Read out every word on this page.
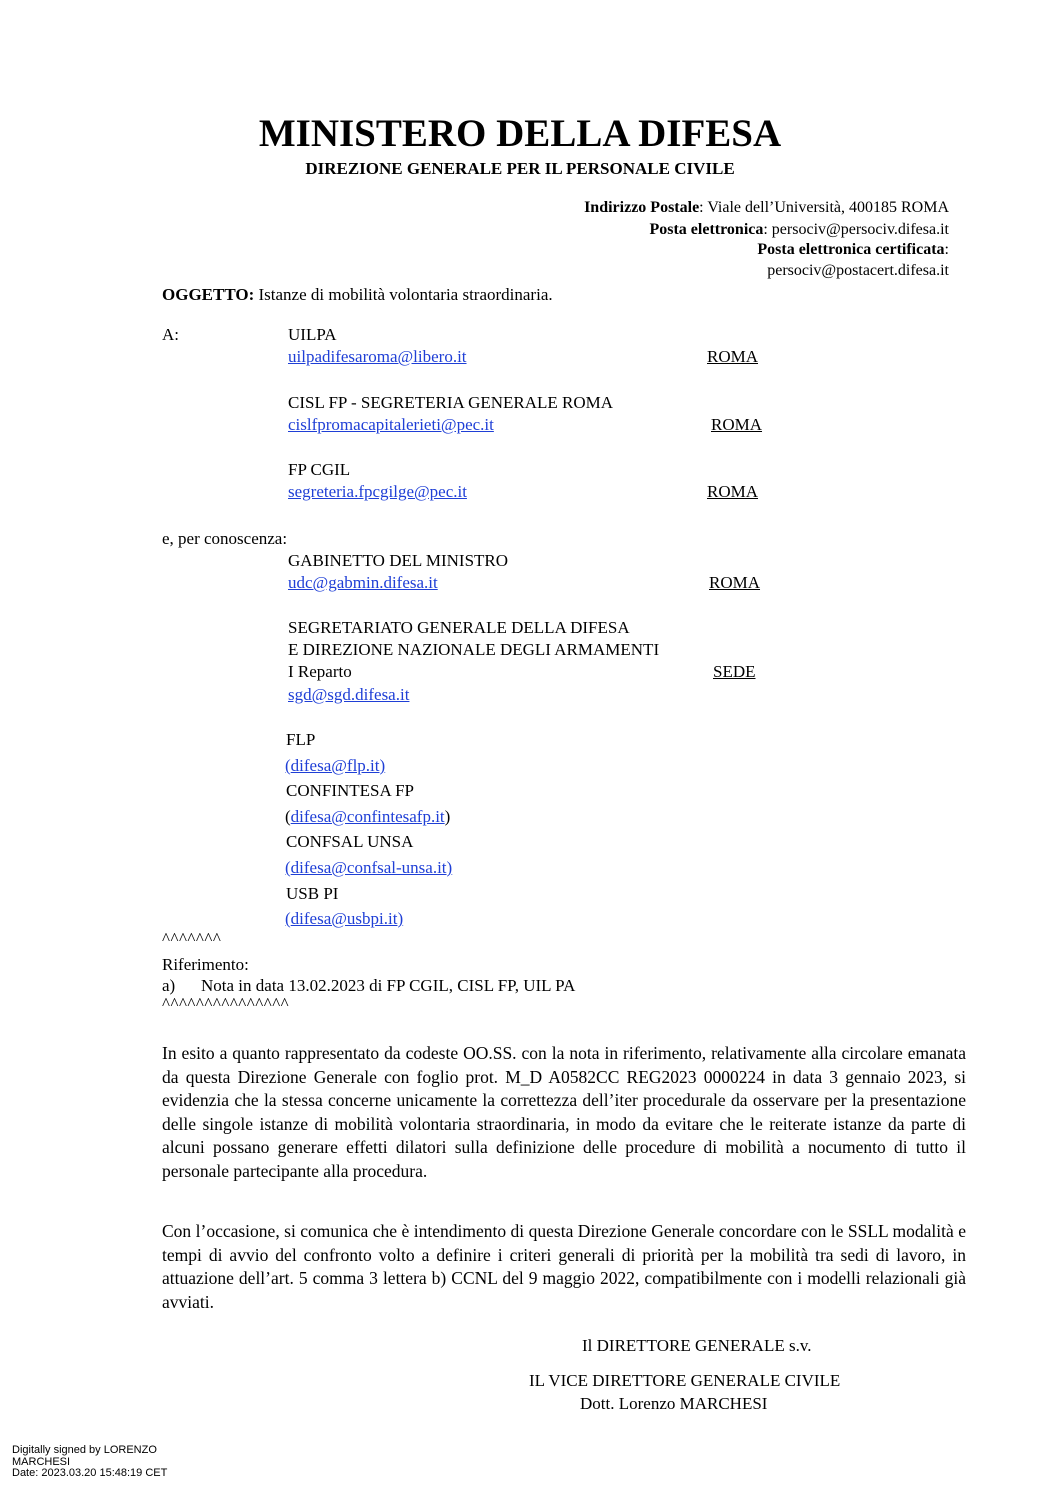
MINISTERO DELLA DIFESA
DIREZIONE GENERALE PER IL PERSONALE CIVILE
Indirizzo Postale: Viale dell’Università, 400185 ROMA
Posta elettronica: persociv@persociv.difesa.it
Posta elettronica certificata:
persociv@postacert.difesa.it
OGGETTO: Istanze di mobilità volontaria straordinaria.
A:	UILPA
uilpadifesaroma@libero.it	ROMA
CISL FP - SEGRETERIA GENERALE ROMA
cislfpromacapitalerieti@pec.it	ROMA
FP CGIL
segreteria.fpcgilge@pec.it	ROMA
e, per conoscenza:
GABINETTO DEL MINISTRO
udc@gabmin.difesa.it	ROMA
SEGRETARIATO GENERALE DELLA DIFESA
E DIREZIONE NAZIONALE DEGLI ARMAMENTI
I Reparto	SEDE
sgd@sgd.difesa.it
FLP
(difesa@flp.it)
CONFINTESA FP
(difesa@confintesafp.it)
CONFSAL UNSA
(difesa@confsal-unsa.it)
USB PI
(difesa@usbpi.it)
^^^^^^^
Riferimento:
a) Nota in data 13.02.2023 di FP CGIL, CISL FP, UIL PA
^^^^^^^^^^^^^^^
In esito a quanto rappresentato da codeste OO.SS. con la nota in riferimento, relativamente alla circolare emanata da questa Direzione Generale con foglio prot. M_D A0582CC REG2023 0000224 in data 3 gennaio 2023, si evidenzia che la stessa concerne unicamente la correttezza dell’iter procedurale da osservare per la presentazione delle singole istanze di mobilità volontaria straordinaria, in modo da evitare che le reiterate istanze da parte di alcuni possano generare effetti dilatori sulla definizione delle procedure di mobilità a nocumento di tutto il personale partecipante alla procedura.
Con l’occasione, si comunica che è intendimento di questa Direzione Generale concordare con le SSLL modalità e tempi di avvio del confronto volto a definire i criteri generali di priorità per la mobilità tra sedi di lavoro, in attuazione dell’art. 5 comma 3 lettera b) CCNL del 9 maggio 2022, compatibilmente con i modelli relazionali già avviati.
Il DIRETTORE GENERALE s.v.
IL VICE DIRETTORE GENERALE CIVILE
Dott. Lorenzo MARCHESI
Digitally signed by LORENZO
MARCHESI
Date: 2023.03.20 15:48:19 CET
